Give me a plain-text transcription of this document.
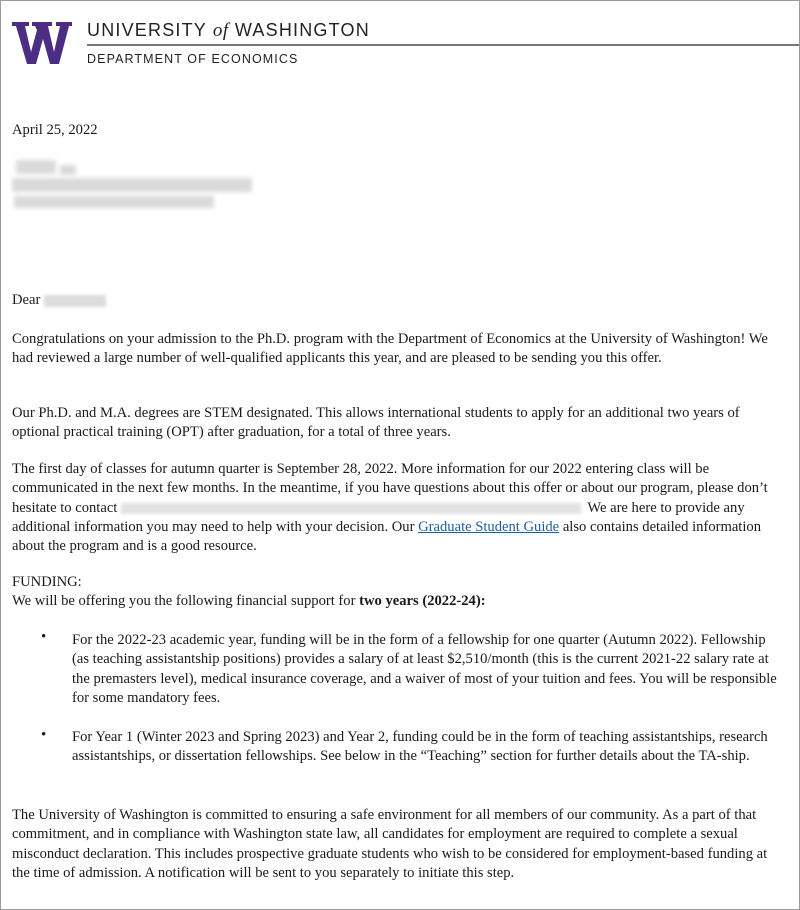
UNIVERSITY of WASHINGTON
DEPARTMENT OF ECONOMICS
April 25, 2022
Dear
Congratulations on your admission to the Ph.D. program with the Department of Economics at the University of Washington! We had reviewed a large number of well-qualified applicants this year, and are pleased to be sending you this offer.
Our Ph.D. and M.A. degrees are STEM designated. This allows international students to apply for an additional two years of optional practical training (OPT) after graduation, for a total of three years.
The first day of classes for autumn quarter is September 28, 2022. More information for our 2022 entering class will be communicated in the next few months. In the meantime, if you have questions about this offer or about our program, please don’t hesitate to contact	We are here to provide any additional information you may need to help with your decision. Our Graduate Student Guide also contains detailed information about the program and is a good resource.
FUNDING:
We will be offering you the following financial support for two years (2022-24):
• For the 2022-23 academic year, funding will be in the form of a fellowship for one quarter (Autumn 2022). Fellowship (as teaching assistantship positions) provides a salary of at least $2,510/month (this is the current 2021-22 salary rate at the premasters level), medical insurance coverage, and a waiver of most of your tuition and fees. You will be responsible for some mandatory fees.
• For Year 1 (Winter 2023 and Spring 2023) and Year 2, funding could be in the form of teaching assistantships, research assistantships, or dissertation fellowships. See below in the “Teaching” section for further details about the TA-ship.
The University of Washington is committed to ensuring a safe environment for all members of our community. As a part of that commitment, and in compliance with Washington state law, all candidates for employment are required to complete a sexual misconduct declaration. This includes prospective graduate students who wish to be considered for employment-based funding at the time of admission. A notification will be sent to you separately to initiate this step.
